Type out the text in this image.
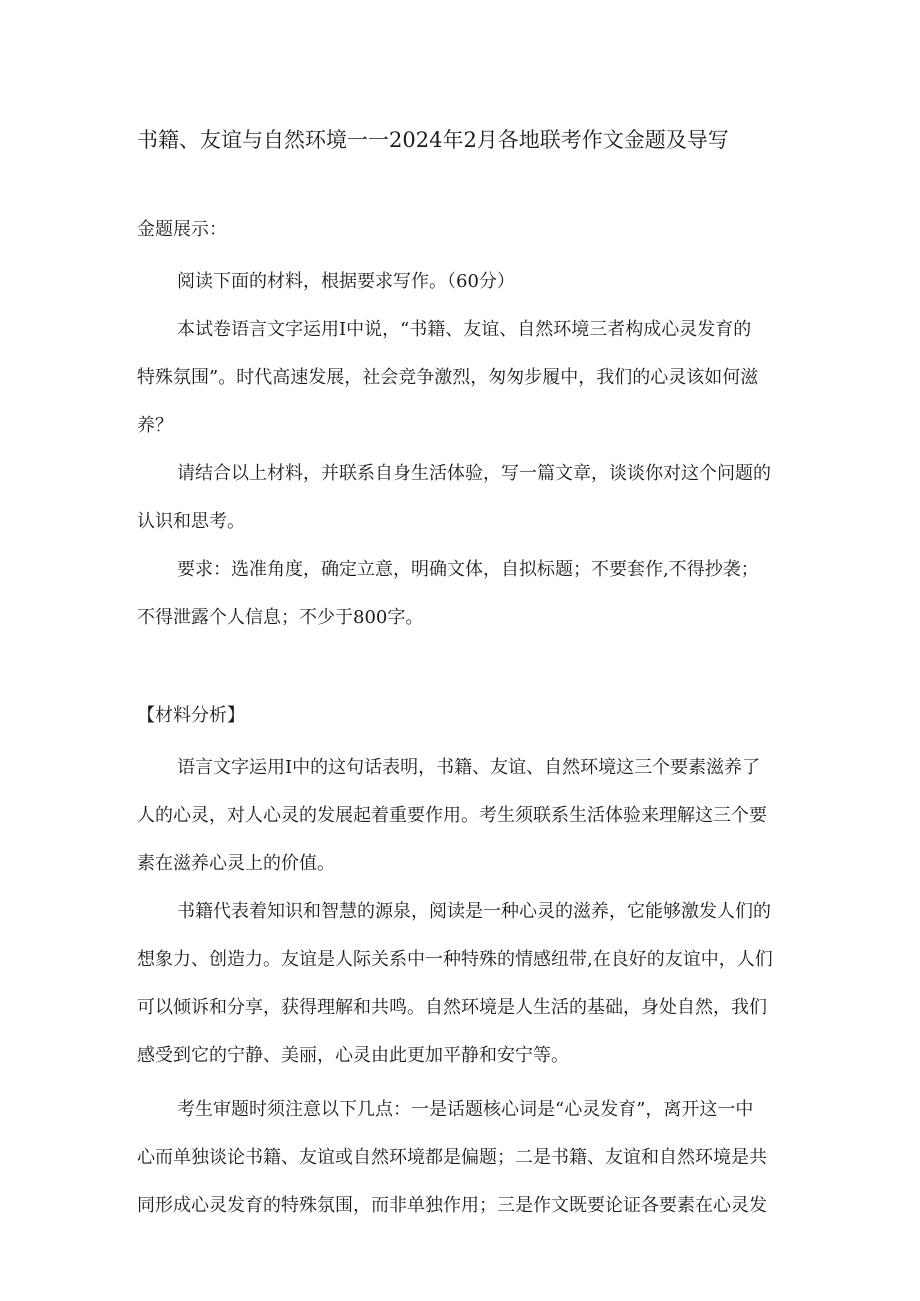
书籍、友谊与自然环境一一2024年2月各地联考作文金题及导写
金题展示：
阅读下面的材料，根据要求写作。（60分）
本试卷语言文字运用Ⅰ中说，“书籍、友谊、自然环境三者构成心灵发育的
特殊氛围”。时代高速发展，社会竞争激烈，匆匆步履中，我们的心灵该如何滋
养？
请结合以上材料，并联系自身生活体验，写一篇文章，谈谈你对这个问题的
认识和思考。
要求：选准角度，确定立意，明确文体，自拟标题；不要套作,不得抄袭；
不得泄露个人信息；不少于800字。
【材料分析】
语言文字运用Ⅰ中的这句话表明，书籍、友谊、自然环境这三个要素滋养了
人的心灵，对人心灵的发展起着重要作用。考生须联系生活体验来理解这三个要
素在滋养心灵上的价值。
书籍代表着知识和智慧的源泉，阅读是一种心灵的滋养，它能够激发人们的
想象力、创造力。友谊是人际关系中一种特殊的情感纽带,在良好的友谊中，人们
可以倾诉和分享，获得理解和共鸣。自然环境是人生活的基础，身处自然，我们
感受到它的宁静、美丽，心灵由此更加平静和安宁等。
考生审题时须注意以下几点：一是话题核心词是“心灵发育”，离开这一中
心而单独谈论书籍、友谊或自然环境都是偏题；二是书籍、友谊和自然环境是共
同形成心灵发育的特殊氛围，而非单独作用；三是作文既要论证各要素在心灵发
